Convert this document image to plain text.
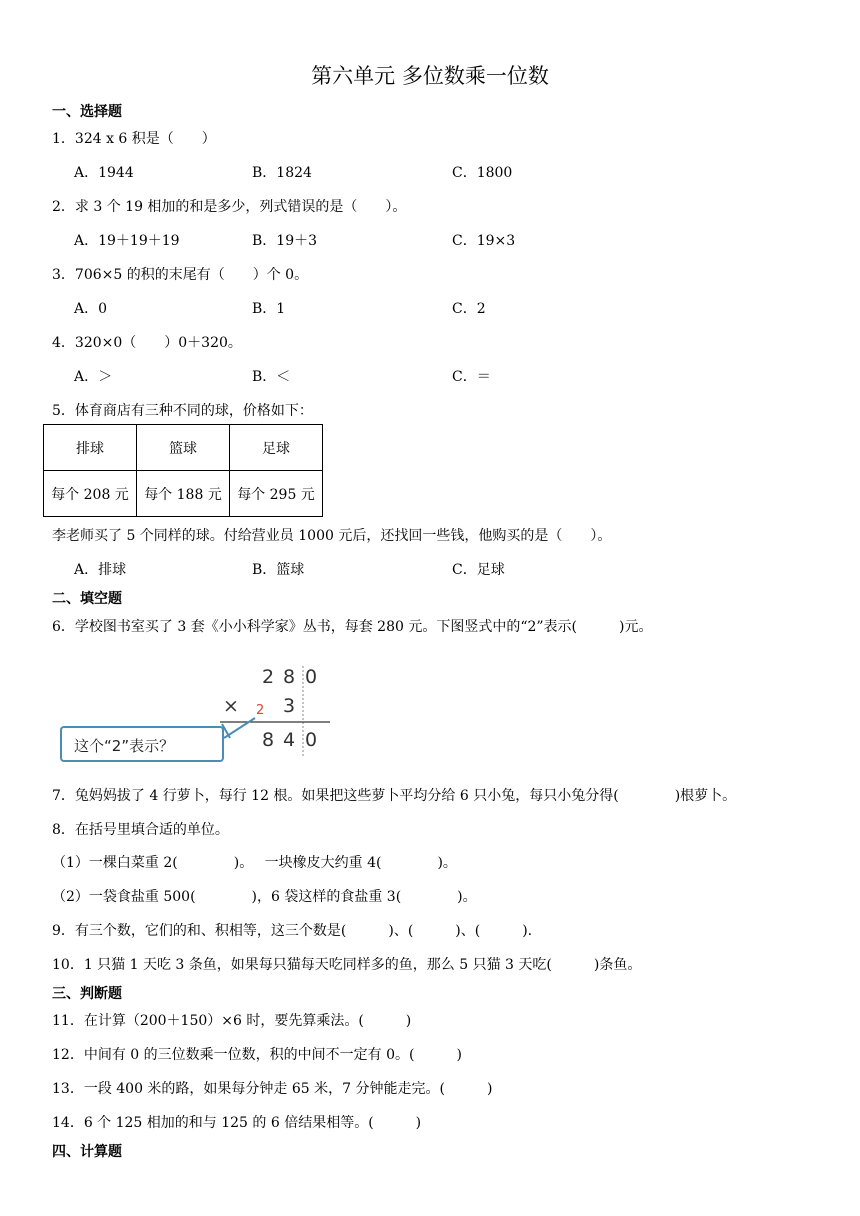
第六单元 多位数乘一位数
一、选择题
1．324 x 6 积是（　　）
A．1944	B．1824	C．1800
2．求 3 个 19 相加的和是多少，列式错误的是（　　）。
A．19＋19＋19	B．19＋3	C．19×3
3．706×5 的积的末尾有（　　）个 0。
A．0	B．1	C．2
4．320×0（　　）0＋320。
A．＞	B．＜	C．＝
5．体育商店有三种不同的球，价格如下：
排球	篮球	足球
每个 208 元	每个 188 元	每个 295 元
李老师买了 5 个同样的球。付给营业员 1000 元后，还找回一些钱，他购买的是（　　）。
A．排球	B．篮球	C．足球
二、填空题
6．学校图书室买了 3 套《小小科学家》丛书，每套 280 元。下图竖式中的“2”表示(　　　)元。
2 8 0
× 2 3
8 4 0
这个“2”表示？
7．兔妈妈拔了 4 行萝卜，每行 12 根。如果把这些萝卜平均分给 6 只小兔，每只小兔分得(　　　　)根萝卜。
8．在括号里填合适的单位。
（1）一棵白菜重 2(　　　　)。　 一块橡皮大约重 4(　　　　)。
（2）一袋食盐重 500(　　　　)，6 袋这样的食盐重 3(　　　　)。
9．有三个数，它们的和、积相等，这三个数是(　　　)、(　　　)、(　　　).
10．1 只猫 1 天吃 3 条鱼，如果每只猫每天吃同样多的鱼，那么 5 只猫 3 天吃(　　　)条鱼。
三、判断题
11．在计算（200＋150）×6 时，要先算乘法。(　　　)
12．中间有 0 的三位数乘一位数，积的中间不一定有 0。(　　　)
13．一段 400 米的路，如果每分钟走 65 米，7 分钟能走完。(　　　)
14．6 个 125 相加的和与 125 的 6 倍结果相等。(　　　)
四、计算题
